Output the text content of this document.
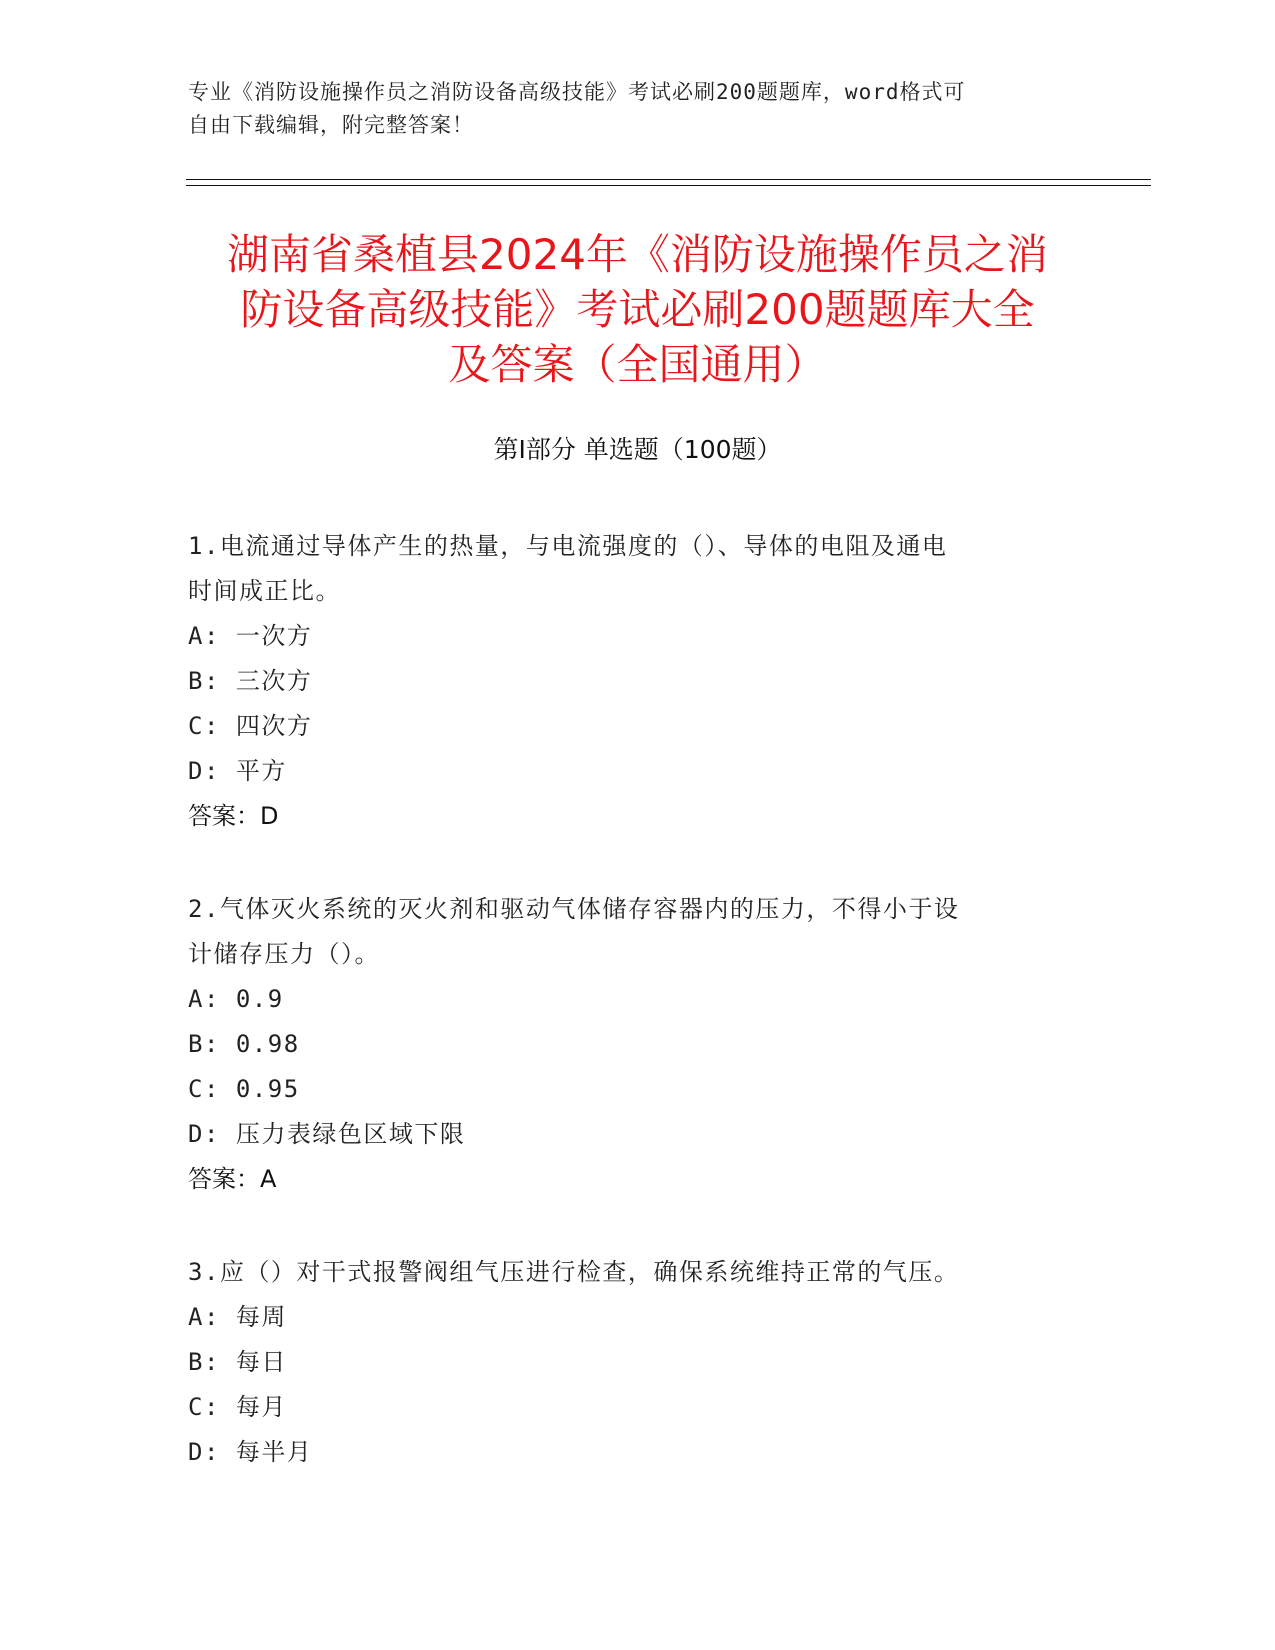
专业《消防设施操作员之消防设备高级技能》考试必刷200题题库，word格式可
自由下载编辑，附完整答案！
湖南省桑植县2024年《消防设施操作员之消
防设备高级技能》考试必刷200题题库大全
及答案（全国通用）
第I部分 单选题（100题）
1.电流通过导体产生的热量，与电流强度的（）、导体的电阻及通电
时间成正比。
A: 一次方
B: 三次方
C: 四次方
D: 平方
答案：D
2.气体灭火系统的灭火剂和驱动气体储存容器内的压力，不得小于设
计储存压力（）。
A: 0.9
B: 0.98
C: 0.95
D: 压力表绿色区域下限
答案：A
3.应（）对干式报警阀组气压进行检查，确保系统维持正常的气压。
A: 每周
B: 每日
C: 每月
D: 每半月
